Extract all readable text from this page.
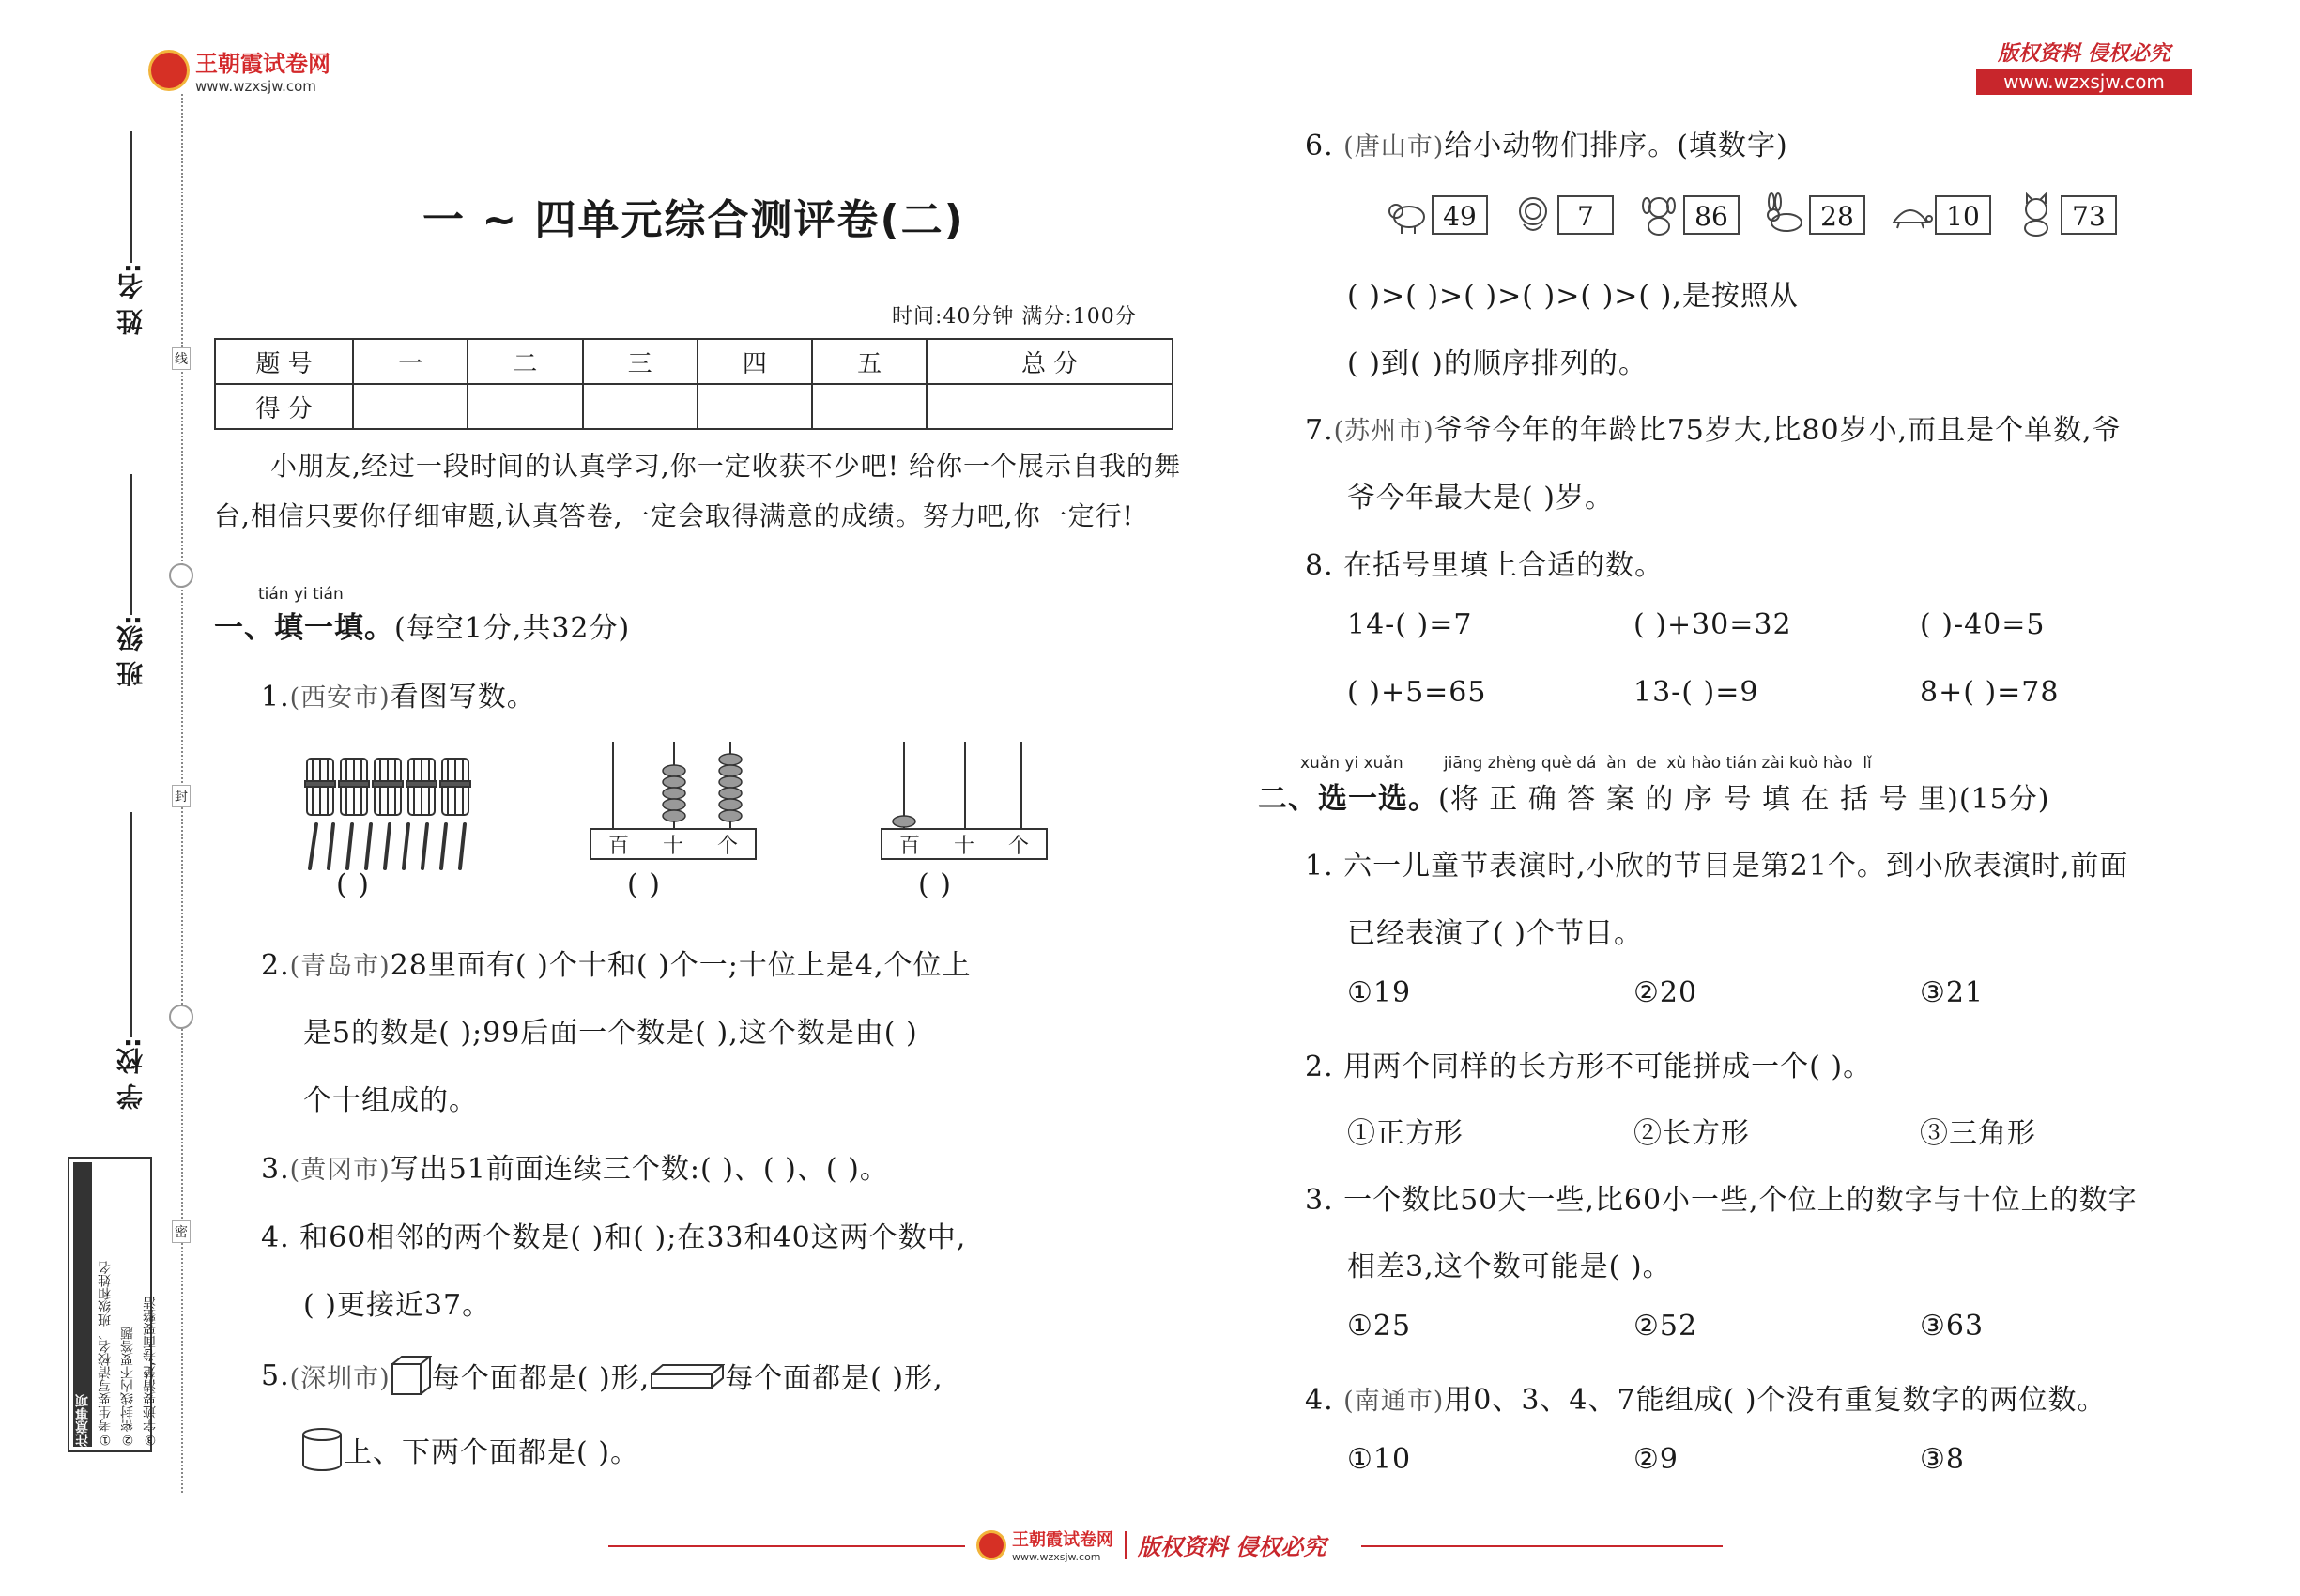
王朝霞试卷网
www.wzxsjw.com
版权资料 侵权必究
www.wzxsjw.com
线
封
密
姓 名:
班 级:
学 校:
③字迹要清楚,卷面要整洁
②密封线内不要答题
①考生要写清校名、班级和姓名
注意事项
一 ~ 四单元综合测评卷(二)
时间:40分钟 满分:100分
题 号	一	二	三	四	五	总 分
得 分						
小朋友,经过一段时间的认真学习,你一定收获不少吧! 给你一个展示自我的舞
台,相信只要你仔细审题,认真答卷,一定会取得满意的成绩。努力吧,你一定行!
tián yi tián
一、填一填。(每空1分,共32分)
1.(西安市)看图写数。
( )
百 十 个
( )
百 十 个
( )
2.(青岛市)28里面有( )个十和( )个一;十位上是4,个位上
是5的数是( );99后面一个数是( ),这个数是由( )
个十组成的。
3.(黄冈市)写出51前面连续三个数:( )、( )、( )。
4. 和60相邻的两个数是( )和( );在33和40这两个数中,
( )更接近37。
5. (深圳市) 每个面都是( )形,	每个面都是( )形,
上、下两个面都是( )。
6. (唐山市)给小动物们排序。(填数字)
49	7	86	28	10	73
( )>( )>( )>( )>( )>( ),是按照从
( )到( )的顺序排列的。
7.(苏州市)爷爷今年的年龄比75岁大,比80岁小,而且是个单数,爷
爷今年最大是( )岁。
8. 在括号里填上合适的数。
14-( )=7	( )+30=32	( )-40=5
( )+5=65	13-( )=9	8+( )=78
xuǎn yi xuǎn        jiāng zhèng què dá  àn  de  xù hào tián zài kuò hào  lǐ
二、选一选。(将 正 确 答 案 的 序 号 填 在 括 号 里)(15分)
1. 六一儿童节表演时,小欣的节目是第21个。到小欣表演时,前面
已经表演了( )个节目。
①19	②20	③21
2. 用两个同样的长方形不可能拼成一个( )。
①正方形	②长方形	③三角形
3. 一个数比50大一些,比60小一些,个位上的数字与十位上的数字
相差3,这个数可能是( )。
①25	②52	③63
4. (南通市)用0、3、4、7能组成( )个没有重复数字的两位数。
①10	②9	③8
王朝霞试卷网
www.wzxsjw.com	版权资料 侵权必究
